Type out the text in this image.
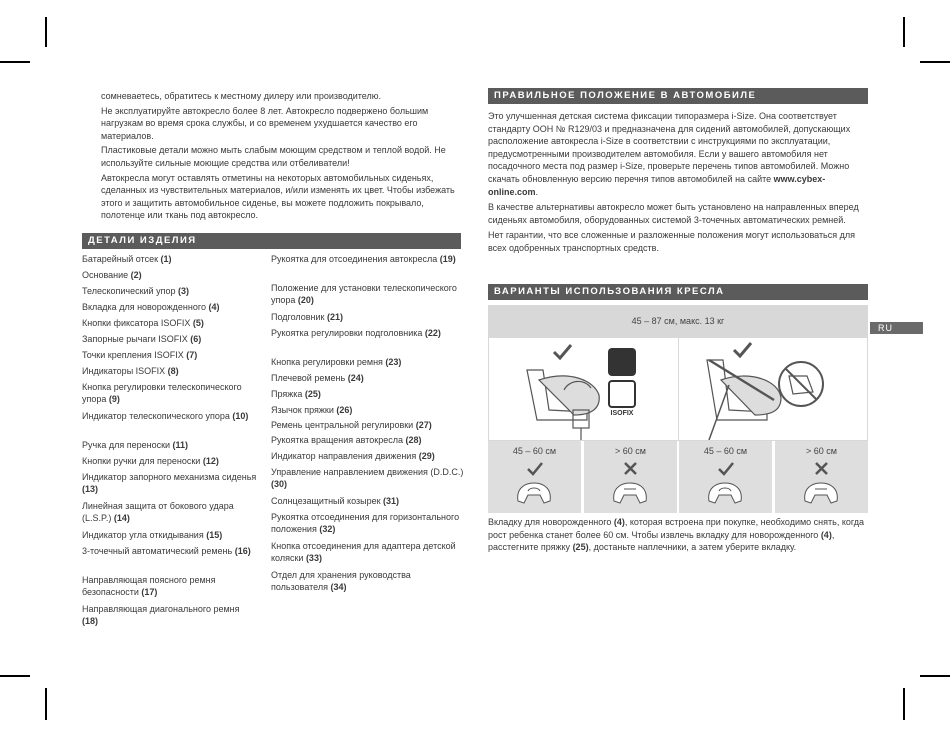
сомневаетесь, обратитесь к местному дилеру или производителю.

Не эксплуатируйте автокресло более 8 лет. Автокресло подвержено большим нагрузкам во время срока службы, и со временем ухудшается качество его материалов.

Пластиковые детали можно мыть слабым моющим средством и теплой водой. Не используйте сильные моющие средства или отбеливатели!

Автокресла могут оставлять отметины на некоторых автомобильных сиденьях, сделанных из чувствительных материалов, и/или изменять их цвет. Чтобы избежать этого и защитить автомобильное сиденье, вы можете подложить покрывало, полотенце или ткань под автокресло.

ДЕТАЛИ ИЗДЕЛИЯ
Батарейный отсек (1)
Основание (2)
Телескопический упор (3)
Вкладка для новорожденного (4)
Кнопки фиксатора ISOFIX (5)
Запорные рычаги ISOFIX (6)
Точки крепления ISOFIX (7)
Индикаторы ISOFIX (8)
Кнопка регулировки телескопического упора (9)
Индикатор телескопического упора (10)
Ручка для переноски (11)
Кнопки ручки для переноски (12)
Индикатор запорного механизма сиденья (13)
Линейная защита от бокового удара (L.S.P.) (14)
Индикатор угла откидывания (15)
3-точечный автоматический ремень (16)
Направляющая поясного ремня безопасности (17)
Направляющая диагонального ремня (18)
Рукоятка для отсоединения автокресла (19)
Положение для установки телескопического упора (20)
Подголовник (21)
Рукоятка регулировки подголовника (22)
Кнопка регулировки ремня (23)
Плечевой ремень (24)
Пряжка (25)
Язычок пряжки (26)
Ремень центральной регулировки (27)
Рукоятка вращения автокресла (28)
Индикатор направления движения (29)
Управление направлением движения (D.D.C.) (30)
Солнцезащитный козырек (31)
Рукоятка отсоединения для горизонтального положения (32)
Кнопка отсоединения для адаптера детской коляски (33)
Отдел для хранения руководства пользователя (34)
ПРАВИЛЬНОЕ ПОЛОЖЕНИЕ В АВТОМОБИЛЕ

Это улучшенная детская система фиксации типоразмера i-Size. Она соответствует стандарту ООН № R129/03 и предназначена для сидений автомобилей, допускающих расположение автокресла i-Size в соответствии с инструкциями по эксплуатации, предусмотренными производителем автомобиля. Если у вашего автомобиля нет посадочного места под размер i-Size, проверьте перечень типов автомобилей. Можно скачать обновленную версию перечня типов автомобилей на сайте www.cybex-online.com.

В качестве альтернативы автокресло может быть установлено на направленных вперед сиденьях автомобиля, оборудованных системой 3-точечных автоматических ремней.

Нет гарантии, что все сложенные и разложенные положения могут использоваться для всех одобренных транспортных средств.

ВАРИАНТЫ ИСПОЛЬЗОВАНИЯ КРЕСЛА
RU
45 – 87 см, макс. 13 кг
ISOFIX
45 – 60 см	> 60 см	45 – 60 см	> 60 см

Вкладку для новорожденного (4), которая встроена при покупке, необходимо снять, когда рост ребенка станет более 60 см. Чтобы извлечь вкладку для новорожденного (4), расстегните пряжку (25), достаньте наплечники, а затем уберите вкладку.
